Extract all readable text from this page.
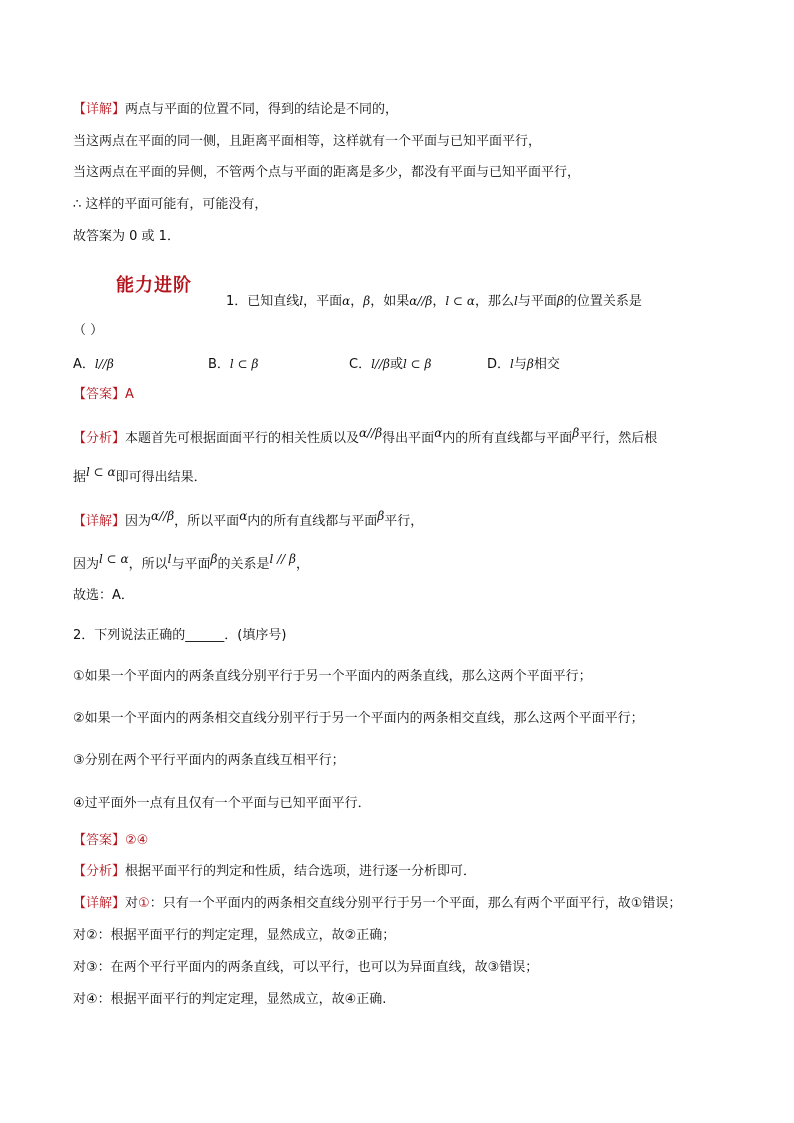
【详解】两点与平面的位置不同，得到的结论是不同的，
当这两点在平面的同一侧，且距离平面相等，这样就有一个平面与已知平面平行，
当这两点在平面的异侧，不管两个点与平面的距离是多少，都没有平面与已知平面平行，
∴ 这样的平面可能有，可能没有，
故答案为 0 或 1．
能力进阶
1．已知直线l，平面α，β，如果α//β，l ⊂ α，那么l与平面β的位置关系是
（ ）
A．l//β	B．l ⊂ β	C．l//β或l ⊂ β	D．l与β相交
【答案】A
【分析】本题首先可根据面面平行的相关性质以及α//β得出平面α内的所有直线都与平面β平行，然后根
据l ⊂ α即可得出结果．
【详解】因为α//β，所以平面α内的所有直线都与平面β平行，
因为l ⊂ α，所以l与平面β的关系是l // β，
故选：A．
2．下列说法正确的______．(填序号)
①如果一个平面内的两条直线分别平行于另一个平面内的两条直线，那么这两个平面平行；
②如果一个平面内的两条相交直线分别平行于另一个平面内的两条相交直线，那么这两个平面平行；
③分别在两个平行平面内的两条直线互相平行；
④过平面外一点有且仅有一个平面与已知平面平行．
【答案】②④
【分析】根据平面平行的判定和性质，结合选项，进行逐一分析即可．
【详解】对①：只有一个平面内的两条相交直线分别平行于另一个平面，那么有两个平面平行，故①错误；
对②：根据平面平行的判定定理，显然成立，故②正确；
对③：在两个平行平面内的两条直线，可以平行，也可以为异面直线，故③错误；
对④：根据平面平行的判定定理，显然成立，故④正确.
